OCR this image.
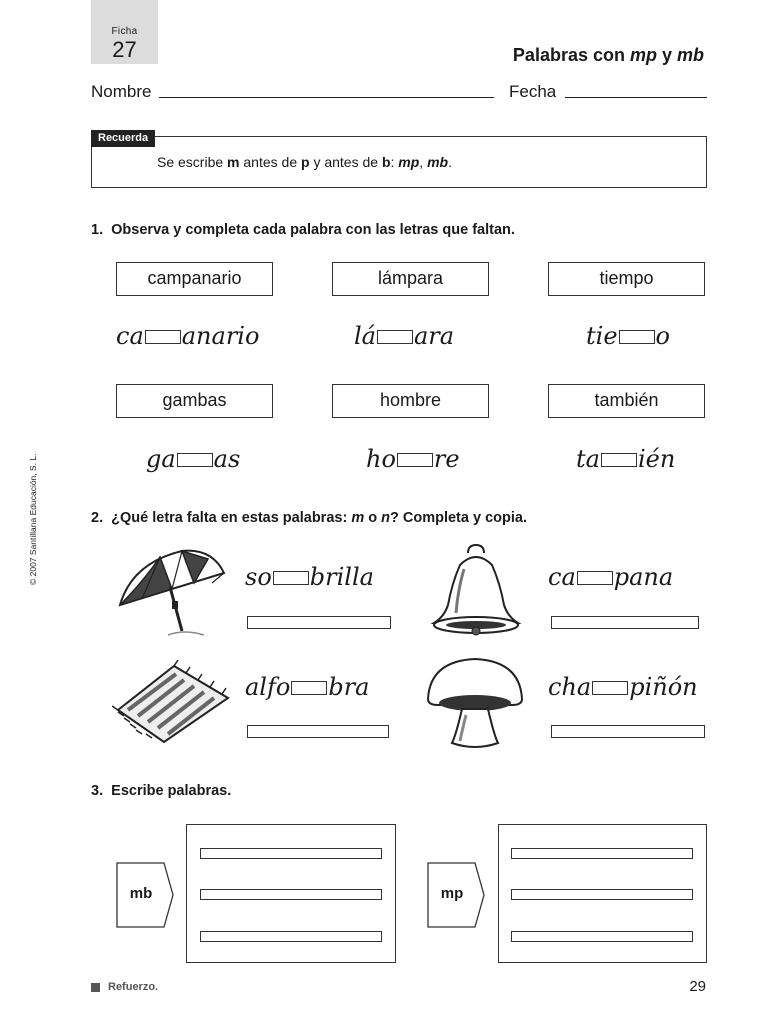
Ficha
27	Palabras con mp y mb
Nombre	Fecha
Recuerda
Se escribe m antes de p y antes de b: mp, mb.
1. Observa y completa cada palabra con las letras que faltan.
campanario	lámpara	tiempo
ca anario	lá ara	tie o
gambas	hombre	también
ga as	ho re	ta ién
2. ¿Qué letra falta en estas palabras: m o n? Completa y copia.
so brilla	ca pana
alfo bra	cha piñón
3. Escribe palabras.
mb	mp
© 2007 Santillana Educación, S. L.
Refuerzo.	29
